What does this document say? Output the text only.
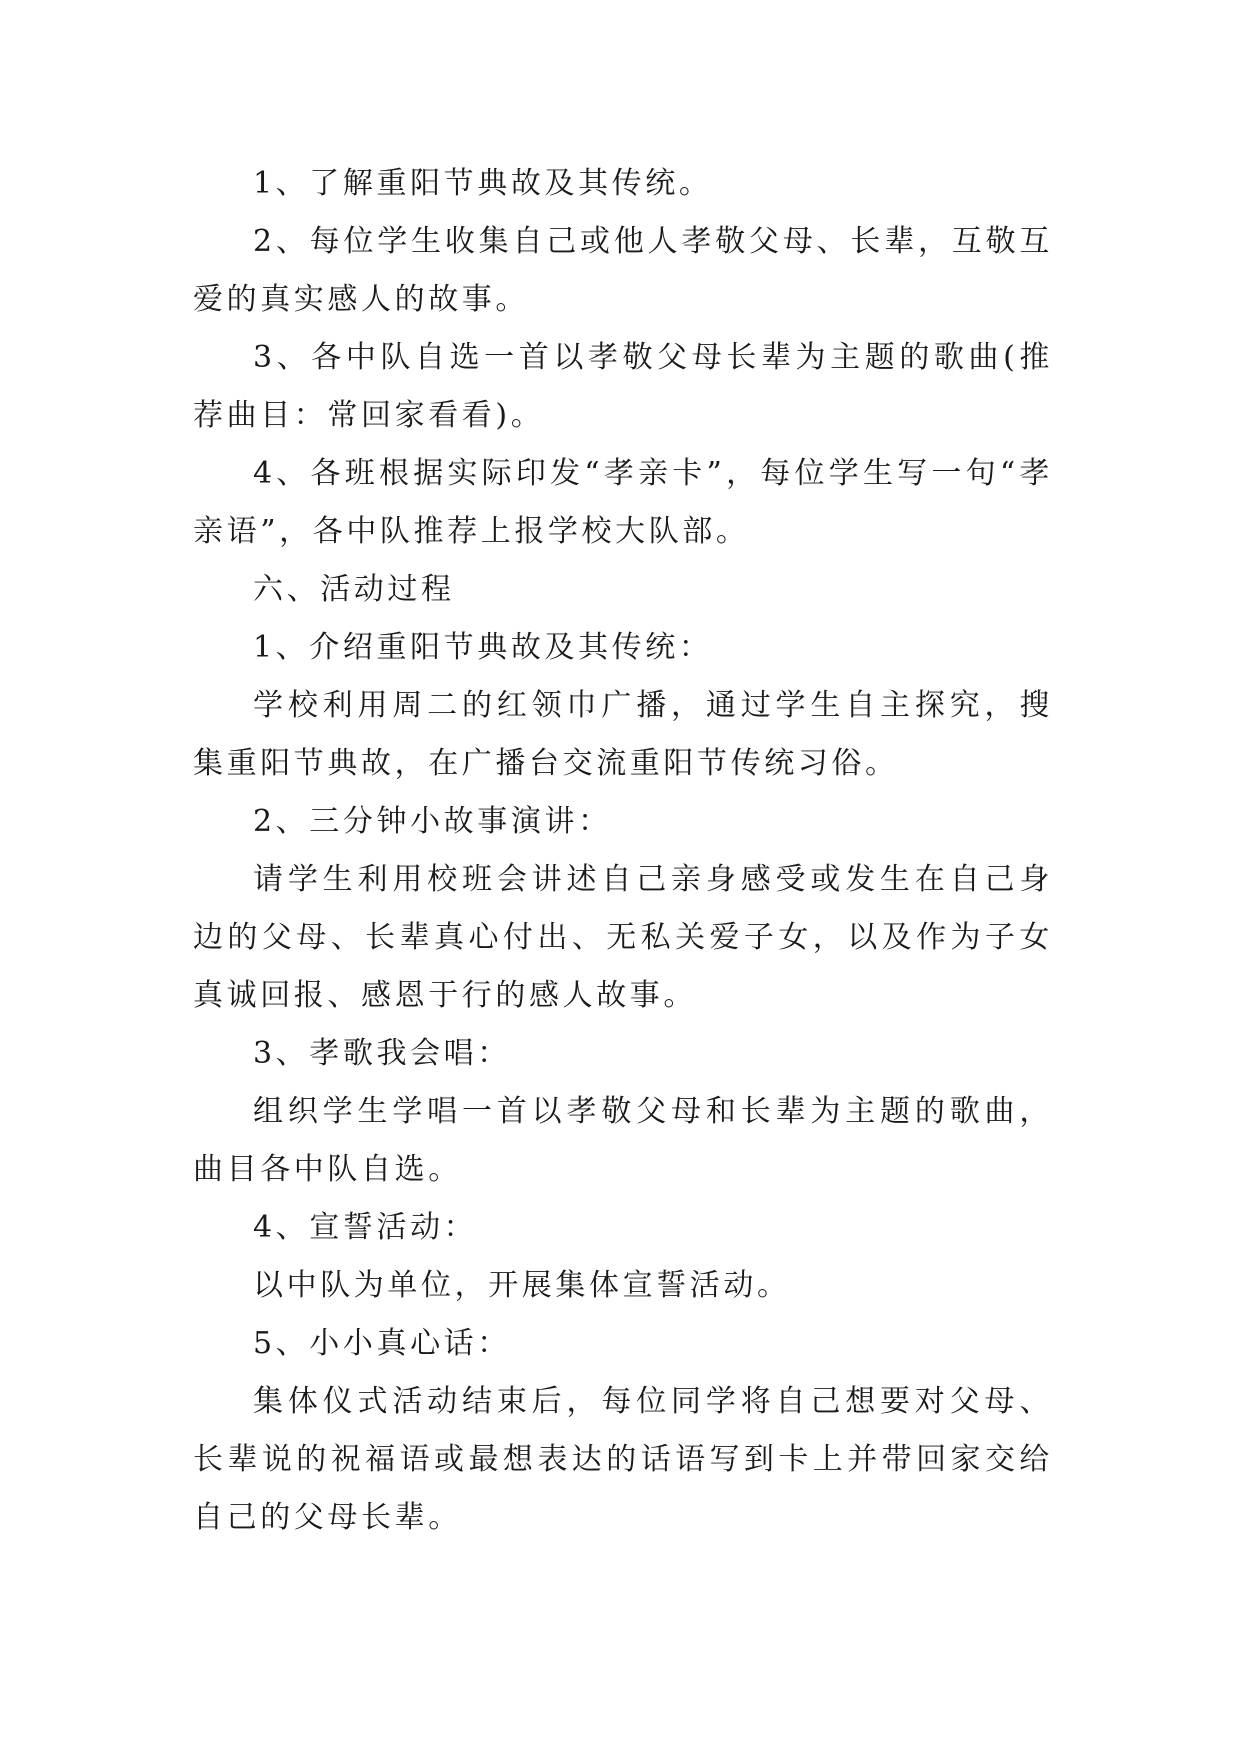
1、了解重阳节典故及其传统。

2、每位学生收集自己或他人孝敬父母、长辈，互敬互爱的真实感人的故事。

3、各中队自选一首以孝敬父母长辈为主题的歌曲(推荐曲目：常回家看看)。

4、各班根据实际印发“孝亲卡”，每位学生写一句“孝亲语”，各中队推荐上报学校大队部。

六、活动过程

1、介绍重阳节典故及其传统：

学校利用周二的红领巾广播，通过学生自主探究，搜集重阳节典故，在广播台交流重阳节传统习俗。

2、三分钟小故事演讲：

请学生利用校班会讲述自己亲身感受或发生在自己身边的父母、长辈真心付出、无私关爱子女，以及作为子女真诚回报、感恩于行的感人故事。

3、孝歌我会唱：

组织学生学唱一首以孝敬父母和长辈为主题的歌曲，曲目各中队自选。

4、宣誓活动：

以中队为单位，开展集体宣誓活动。

5、小小真心话：

集体仪式活动结束后，每位同学将自己想要对父母、长辈说的祝福语或最想表达的话语写到卡上并带回家交给自己的父母长辈。
